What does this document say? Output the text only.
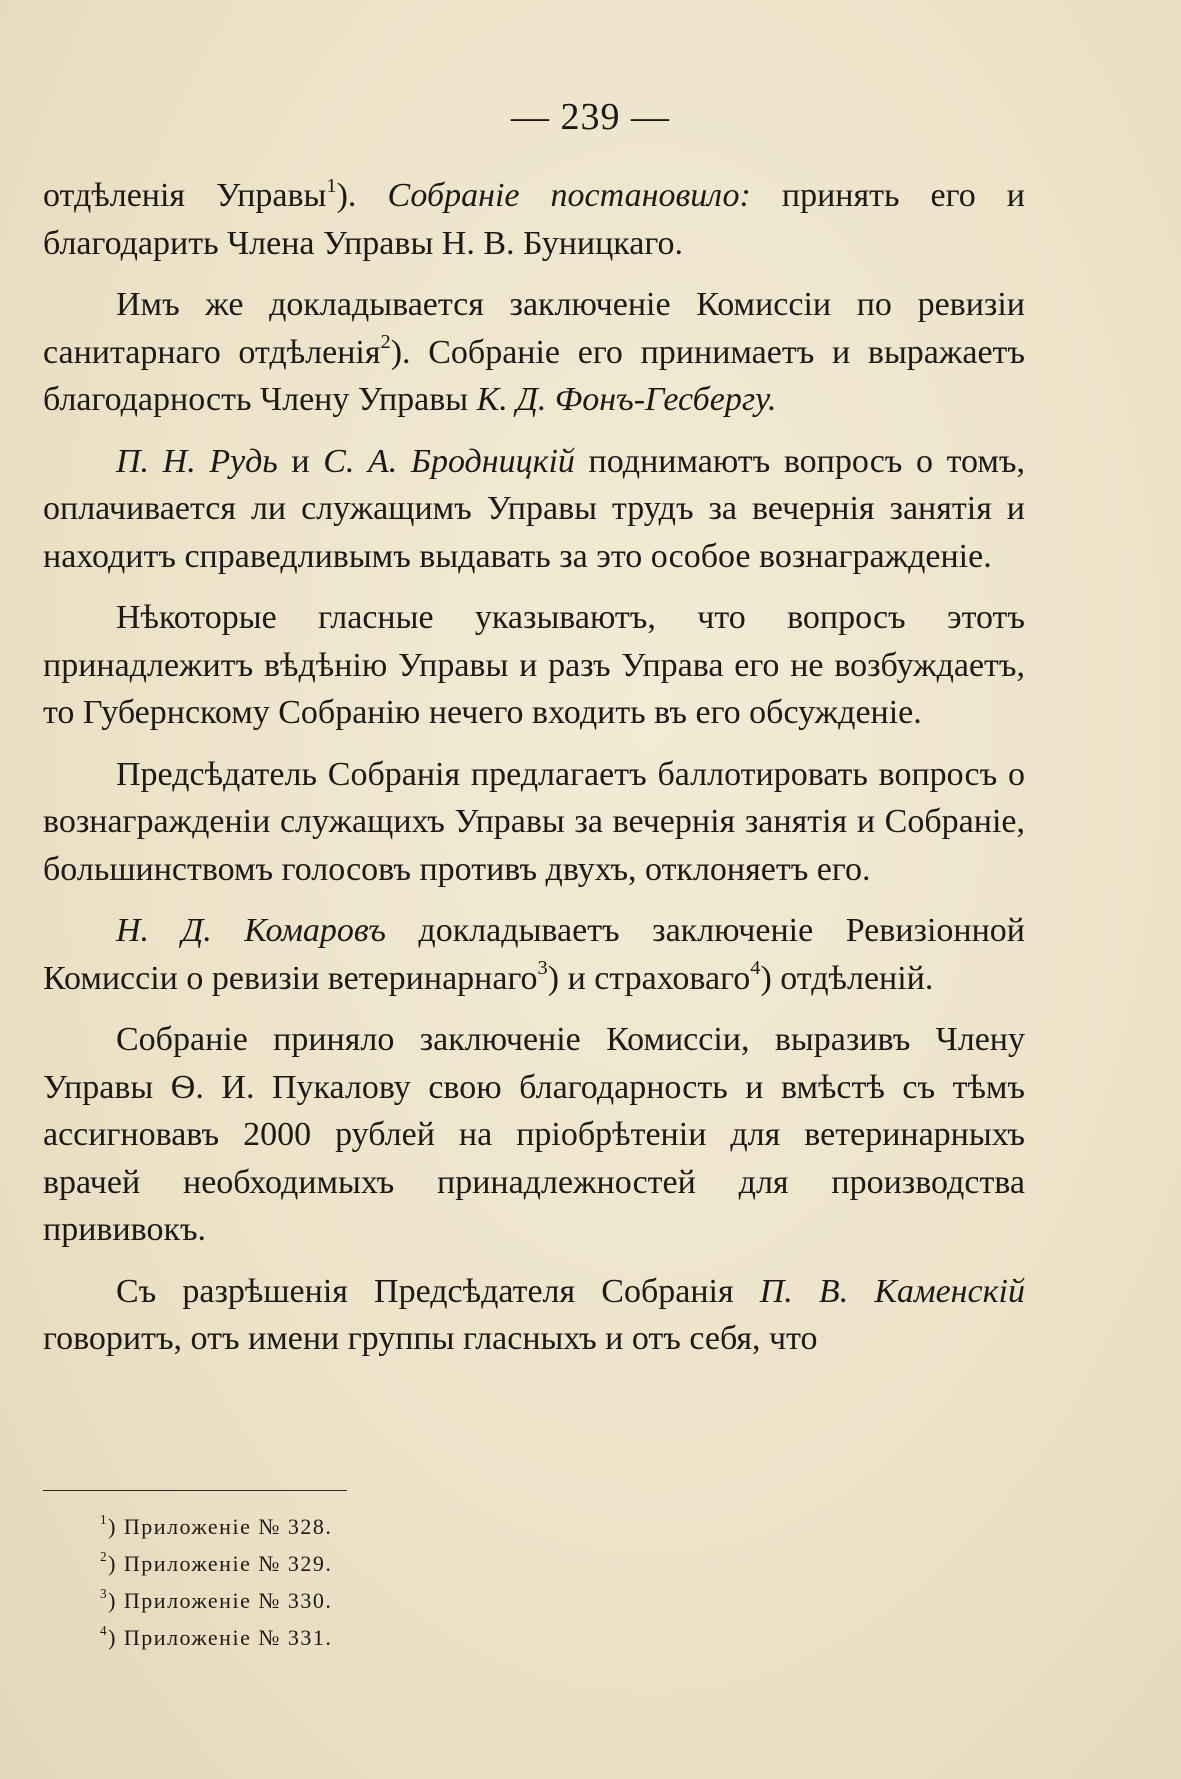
— 239 —

отдѣленія Управы$^1$). Собраніе постановило: принять его и благодарить Члена Управы Н. В. Буницкаго.

Имъ же докладывается заключеніе Комиссіи по ревизіи санитарнаго отдѣленія$^2$). Собраніе его принимаетъ и выражаетъ благодарность Члену Управы К. Д. Фонъ-Гесбергу.

П. Н. Рудь и С. А. Бродницкій поднимаютъ вопросъ о томъ, оплачивается ли служащимъ Управы трудъ за вечернія занятія и находитъ справедливымъ выдавать за это особое вознагражденіе.

Нѣкоторые гласные указываютъ, что вопросъ этотъ принадлежитъ вѣдѣнію Управы и разъ Управа его не возбуждаетъ, то Губернскому Собранію нечего входить въ его обсужденіе.

Предсѣдатель Собранія предлагаетъ баллотировать вопросъ о вознагражденіи служащихъ Управы за вечернія занятія и Собраніе, большинствомъ голосовъ противъ двухъ, отклоняетъ его.

Н. Д. Комаровъ докладываетъ заключеніе Ревизіонной Комиссіи о ревизіи ветеринарнаго$^3$) и страховаго$^4$) отдѣленій.

Собраніе приняло заключеніе Комиссіи, выразивъ Члену Управы Ѳ. И. Пукалову свою благодарность и вмѣстѣ съ тѣмъ ассигновавъ 2000 рублей на пріобрѣтеніи для ветеринарныхъ врачей необходимыхъ принадлежностей для производства прививокъ.

Съ разрѣшенія Предсѣдателя Собранія П. В. Каменскій говоритъ, отъ имени группы гласныхъ и отъ себя, что

$^1$) Приложеніе № 328.
$^2$) Приложеніе № 329.
$^3$) Приложеніе № 330.
$^4$) Приложеніе № 331.
